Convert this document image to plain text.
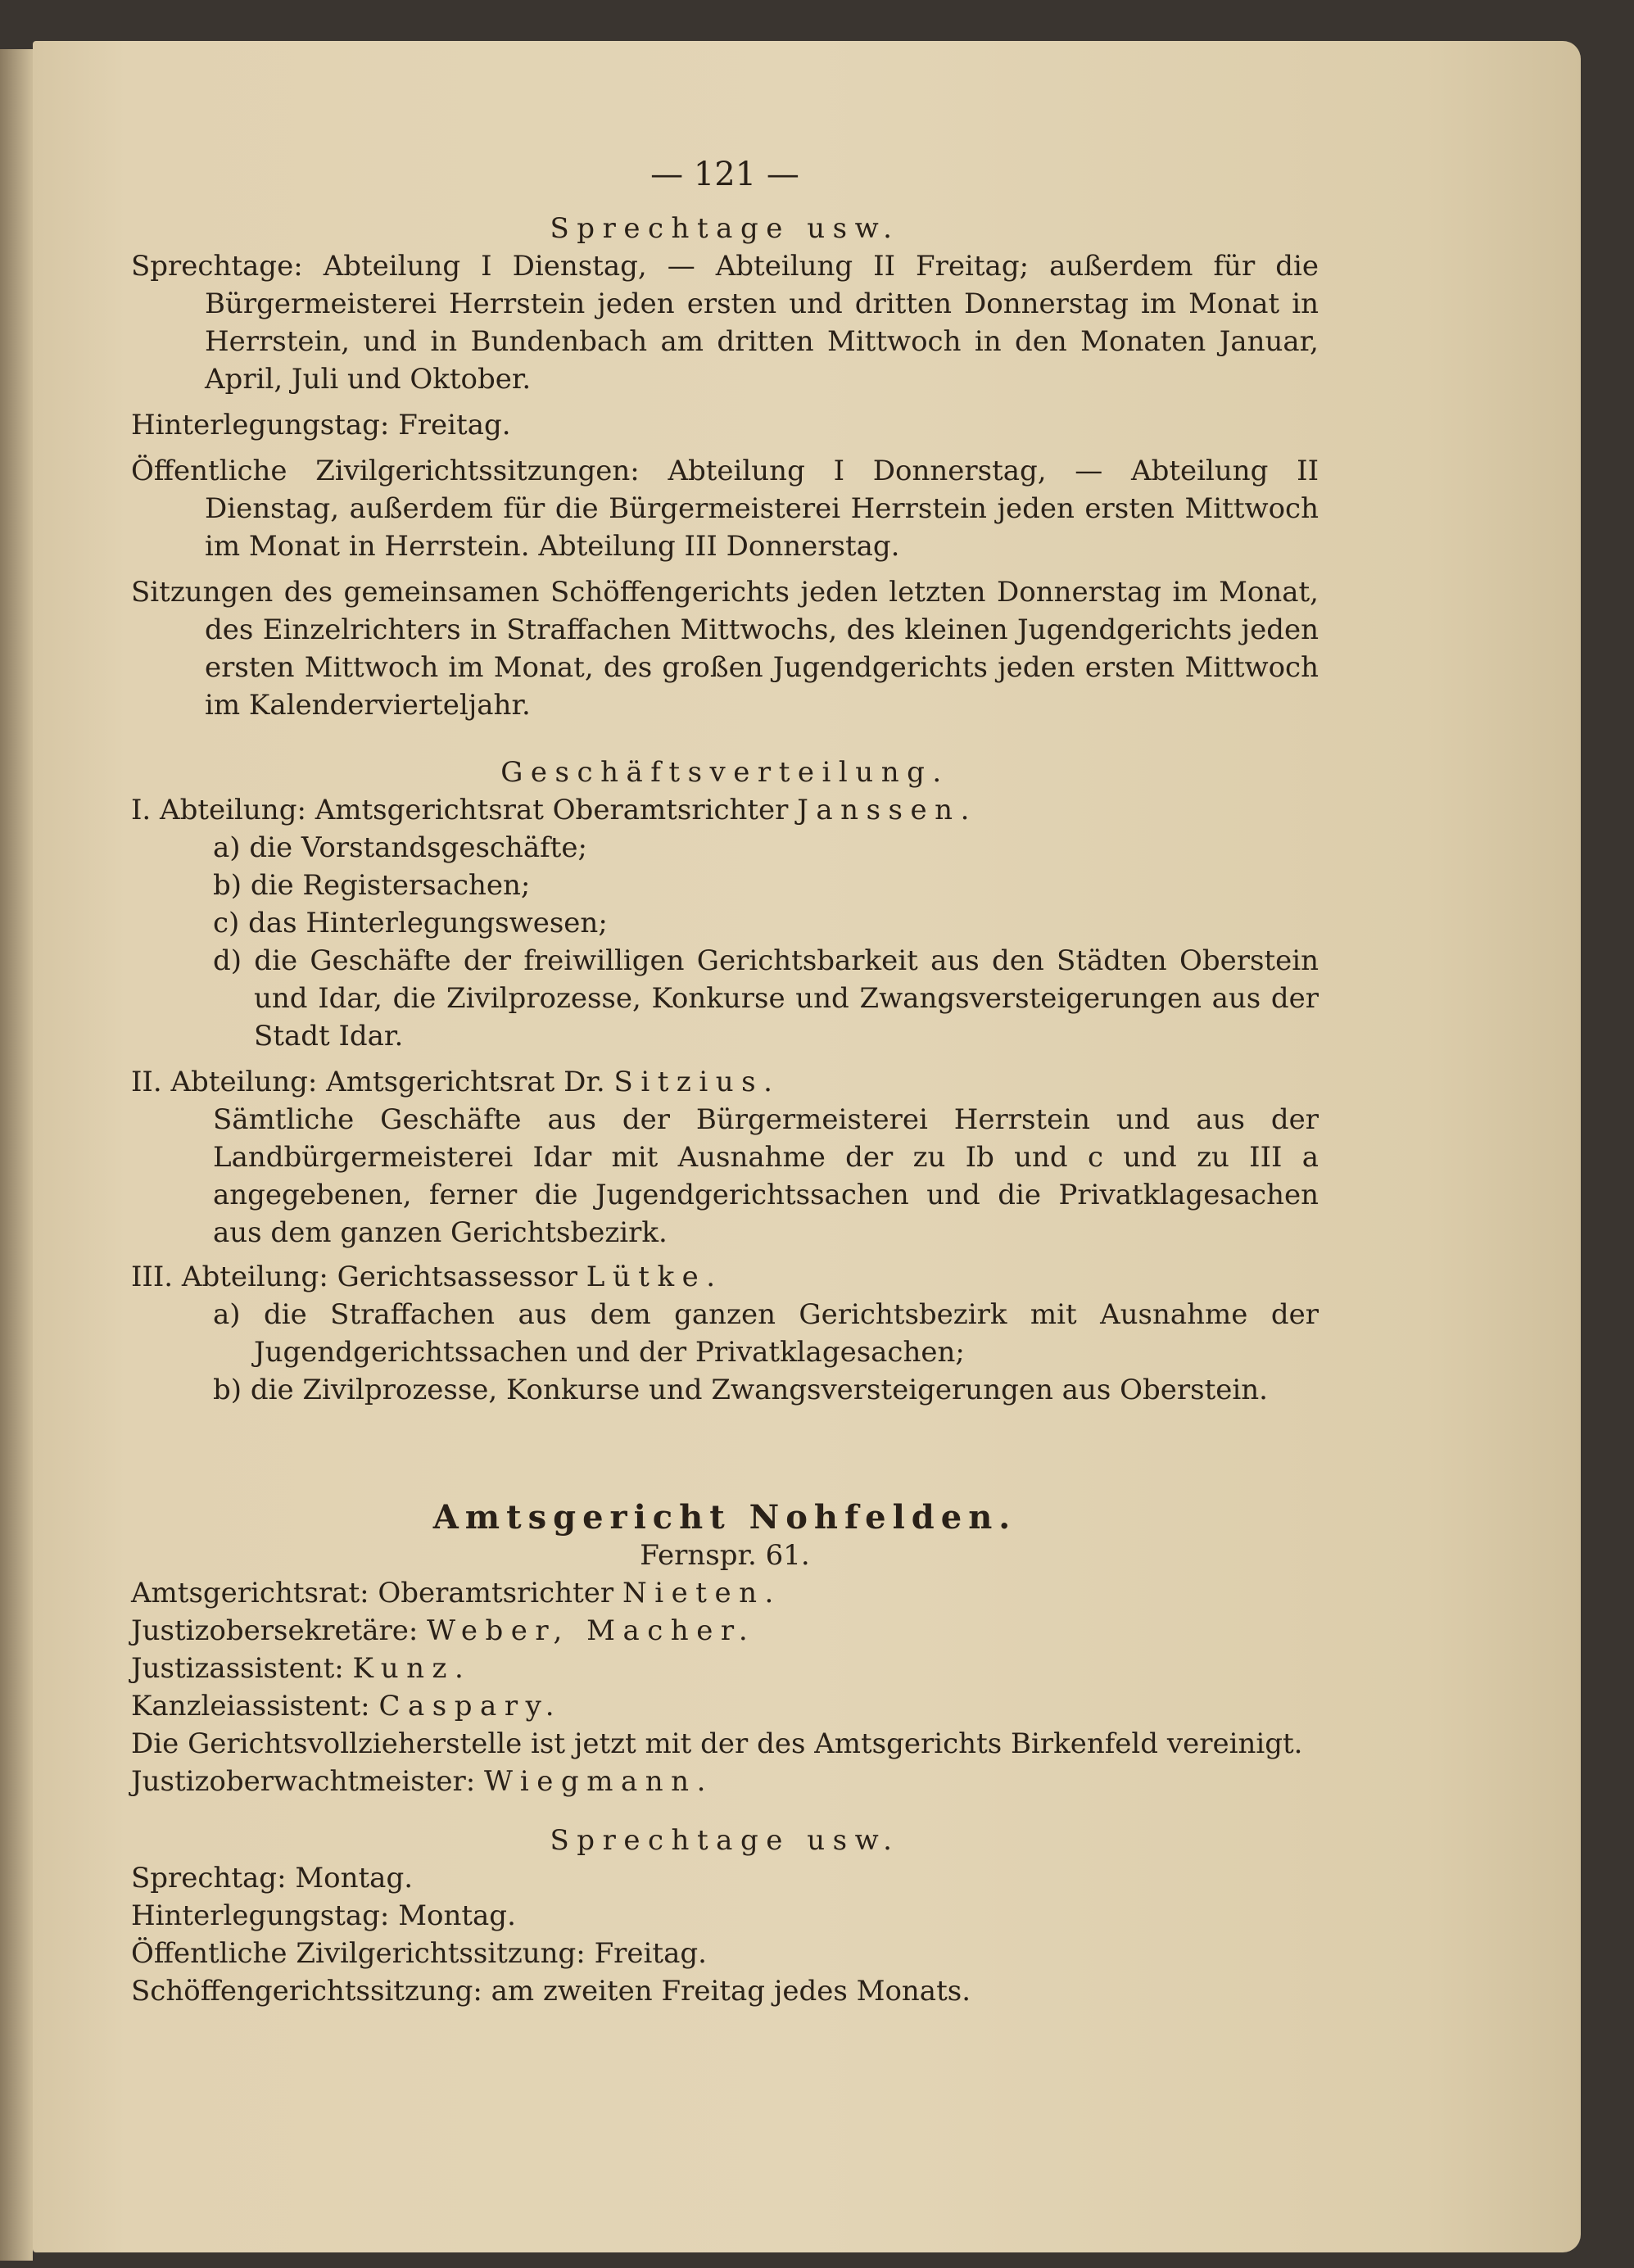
— 121 —

Sprechtage usw.

Sprechtage: Abteilung I Dienstag, — Abteilung II Freitag; außerdem für die Bürgermeisterei Herrstein jeden ersten und dritten Donnerstag im Monat in Herrstein, und in Bundenbach am dritten Mittwoch in den Monaten Januar, April, Juli und Oktober.

Hinterlegungstag: Freitag.

Öffentliche Zivilgerichtssitzungen: Abteilung I Donnerstag, — Abteilung II Dienstag, außerdem für die Bürgermeisterei Herrstein jeden ersten Mittwoch im Monat in Herrstein. Abteilung III Donnerstag.

Sitzungen des gemeinsamen Schöffengerichts jeden letzten Donnerstag im Monat, des Einzelrichters in Straffachen Mittwochs, des kleinen Jugendgerichts jeden ersten Mittwoch im Monat, des großen Jugendgerichts jeden ersten Mittwoch im Kalendervierteljahr.

Geschäftsverteilung.

I. Abteilung: Amtsgerichtsrat Oberamtsrichter Janssen.

a) die Vorstandsgeschäfte;

b) die Registersachen;

c) das Hinterlegungswesen;

d) die Geschäfte der freiwilligen Gerichtsbarkeit aus den Städten Oberstein und Idar, die Zivilprozesse, Konkurse und Zwangsversteigerungen aus der Stadt Idar.

II. Abteilung: Amtsgerichtsrat Dr. Sitzius.

Sämtliche Geschäfte aus der Bürgermeisterei Herrstein und aus der Landbürgermeisterei Idar mit Ausnahme der zu Ib und c und zu III a angegebenen, ferner die Jugendgerichtssachen und die Privatklagesachen aus dem ganzen Gerichtsbezirk.

III. Abteilung: Gerichtsassessor Lütke.

a) die Straffachen aus dem ganzen Gerichtsbezirk mit Ausnahme der Jugendgerichtssachen und der Privatklagesachen;

b) die Zivilprozesse, Konkurse und Zwangsversteigerungen aus Oberstein.

Amtsgericht Nohfelden.

Fernspr. 61.

Amtsgerichtsrat: Oberamtsrichter Nieten.

Justizobersekretäre: Weber, Macher.

Justizassistent: Kunz.

Kanzleiassistent: Caspary.

Die Gerichtsvollzieherstelle ist jetzt mit der des Amtsgerichts Birkenfeld vereinigt.

Justizoberwachtmeister: Wiegmann.

Sprechtage usw.

Sprechtag: Montag.

Hinterlegungstag: Montag.

Öffentliche Zivilgerichtssitzung: Freitag.

Schöffengerichtssitzung: am zweiten Freitag jedes Monats.
